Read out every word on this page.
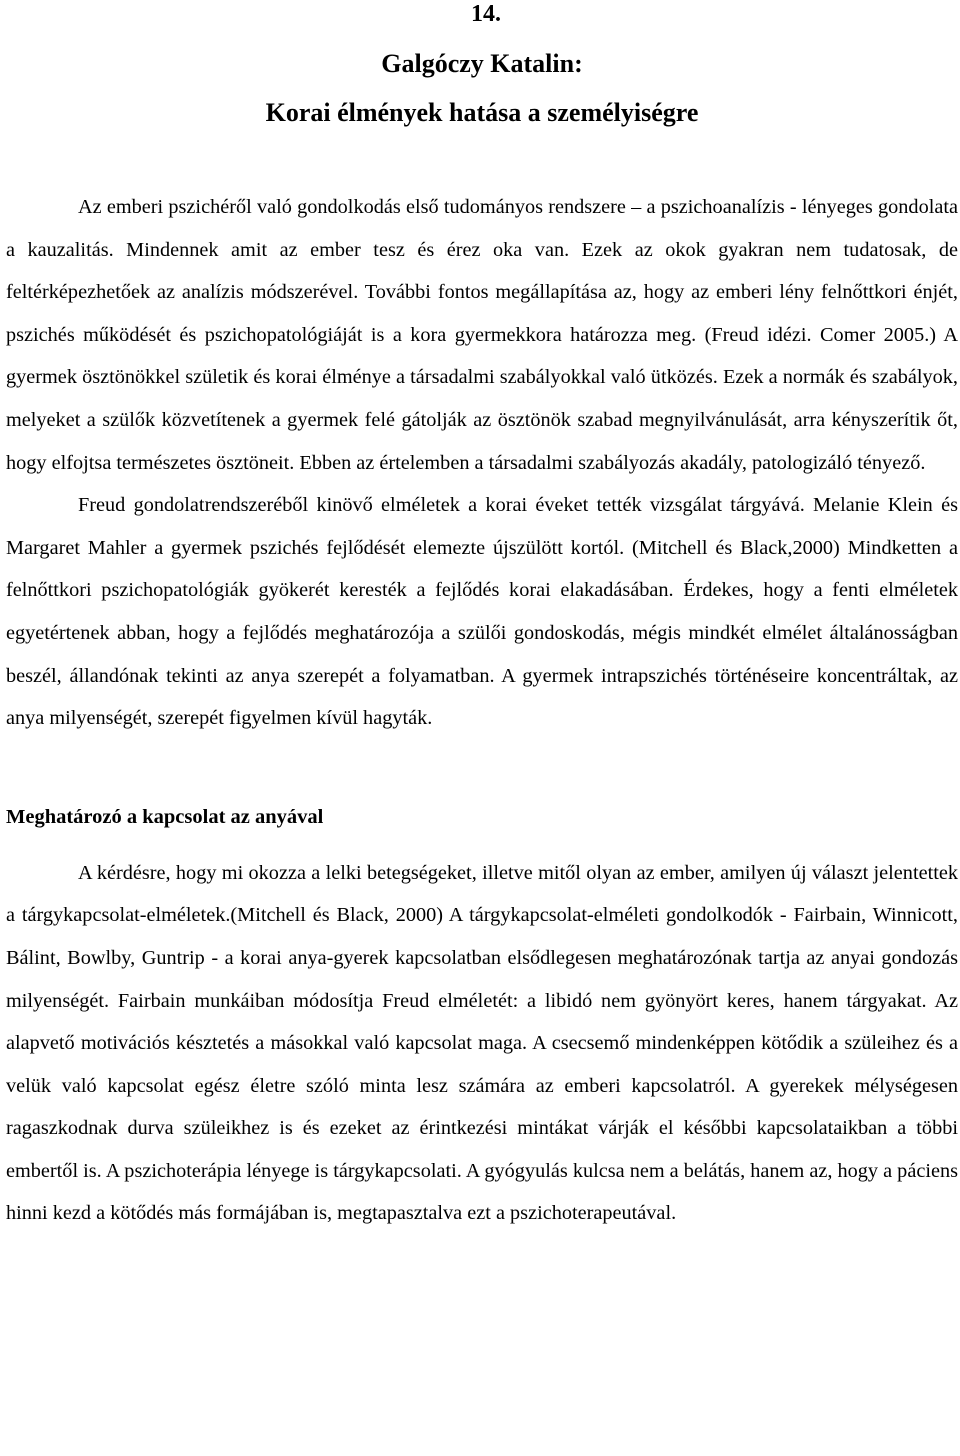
14.
Galgóczy Katalin:
Korai élmények hatása a személyiségre

Az emberi pszichéről való gondolkodás első tudományos rendszere – a pszichoanalízis - lényeges gondolata a kauzalitás. Mindennek amit az ember tesz és érez oka van. Ezek az okok gyakran nem tudatosak, de feltérképezhetőek az analízis módszerével. További fontos megállapítása az, hogy az emberi lény felnőttkori énjét, pszichés működését és pszichopatológiáját is a kora gyermekkora határozza meg. (Freud idézi. Comer 2005.) A gyermek ösztönökkel születik és korai élménye a társadalmi szabályokkal való ütközés. Ezek a normák és szabályok, melyeket a szülők közvetítenek a gyermek felé gátolják az ösztönök szabad megnyilvánulását, arra kényszerítik őt, hogy elfojtsa természetes ösztöneit. Ebben az értelemben a társadalmi szabályozás akadály, patologizáló tényező.

Freud gondolatrendszeréből kinövő elméletek a korai éveket tették vizsgálat tárgyává. Melanie Klein és Margaret Mahler a gyermek pszichés fejlődését elemezte újszülött kortól. (Mitchell és Black,2000) Mindketten a felnőttkori pszichopatológiák gyökerét keresték a fejlődés korai elakadásában. Érdekes, hogy a fenti elméletek egyetértenek abban, hogy a fejlődés meghatározója a szülői gondoskodás, mégis mindkét elmélet általánosságban beszél, állandónak tekinti az anya szerepét a folyamatban. A gyermek intrapszichés történéseire koncentráltak, az anya milyenségét, szerepét figyelmen kívül hagyták.

Meghatározó a kapcsolat az anyával

A kérdésre, hogy mi okozza a lelki betegségeket, illetve mitől olyan az ember, amilyen új választ jelentettek a tárgykapcsolat-elméletek.(Mitchell és Black, 2000) A tárgykapcsolat-elméleti gondolkodók - Fairbain, Winnicott, Bálint, Bowlby, Guntrip - a korai anya-gyerek kapcsolatban elsődlegesen meghatározónak tartja az anyai gondozás milyenségét. Fairbain munkáiban módosítja Freud elméletét: a libidó nem gyönyört keres, hanem tárgyakat. Az alapvető motivációs késztetés a másokkal való kapcsolat maga. A csecsemő mindenképpen kötődik a szüleihez és a velük való kapcsolat egész életre szóló minta lesz számára az emberi kapcsolatról. A gyerekek mélységesen ragaszkodnak durva szüleikhez is és ezeket az érintkezési mintákat várják el későbbi kapcsolataikban a többi embertől is. A pszichoterápia lényege is tárgykapcsolati. A gyógyulás kulcsa nem a belátás, hanem az, hogy a páciens hinni kezd a kötődés más formájában is, megtapasztalva ezt a pszichoterapeutával.
